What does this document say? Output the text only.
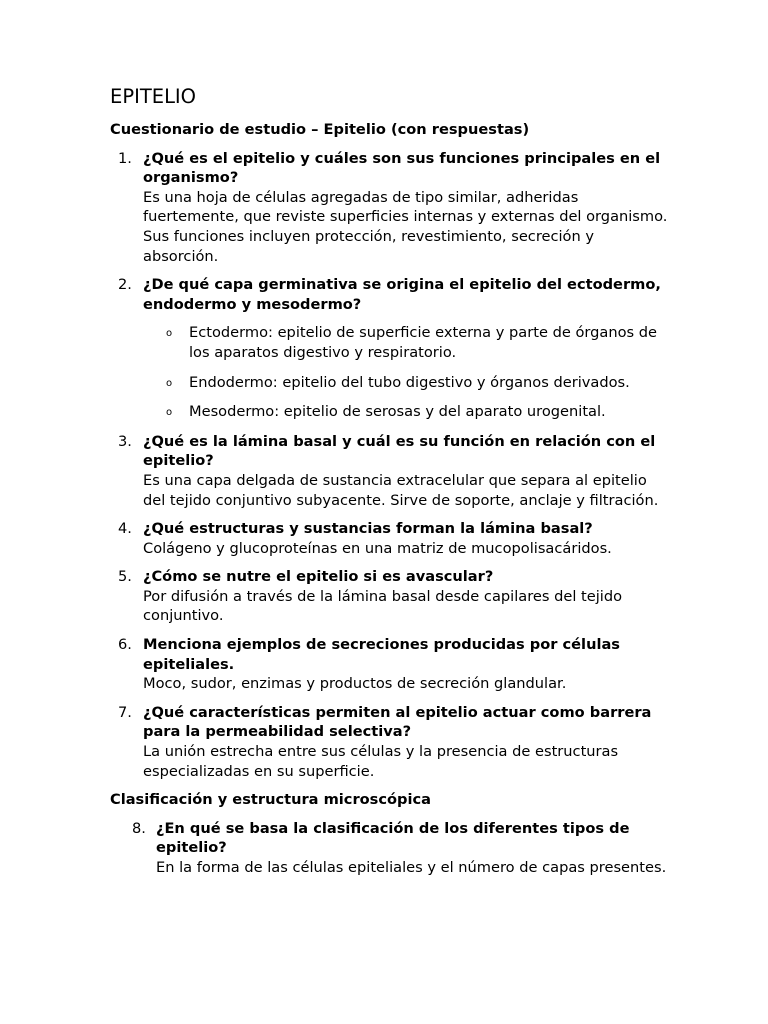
EPITELIO
Cuestionario de estudio – Epitelio (con respuestas)
1. ¿Qué es el epitelio y cuáles son sus funciones principales en el organismo?
Es una hoja de células agregadas de tipo similar, adheridas fuertemente, que reviste superficies internas y externas del organismo. Sus funciones incluyen protección, revestimiento, secreción y absorción.
2. ¿De qué capa germinativa se origina el epitelio del ectodermo, endodermo y mesodermo?
o Ectodermo: epitelio de superficie externa y parte de órganos de los aparatos digestivo y respiratorio.
o Endodermo: epitelio del tubo digestivo y órganos derivados.
o Mesodermo: epitelio de serosas y del aparato urogenital.
3. ¿Qué es la lámina basal y cuál es su función en relación con el epitelio?
Es una capa delgada de sustancia extracelular que separa al epitelio del tejido conjuntivo subyacente. Sirve de soporte, anclaje y filtración.
4. ¿Qué estructuras y sustancias forman la lámina basal?
Colágeno y glucoproteínas en una matriz de mucopolisacáridos.
5. ¿Cómo se nutre el epitelio si es avascular?
Por difusión a través de la lámina basal desde capilares del tejido conjuntivo.
6. Menciona ejemplos de secreciones producidas por células epiteliales.
Moco, sudor, enzimas y productos de secreción glandular.
7. ¿Qué características permiten al epitelio actuar como barrera para la permeabilidad selectiva?
La unión estrecha entre sus células y la presencia de estructuras especializadas en su superficie.
Clasificación y estructura microscópica
8. ¿En qué se basa la clasificación de los diferentes tipos de epitelio?
En la forma de las células epiteliales y el número de capas presentes.
